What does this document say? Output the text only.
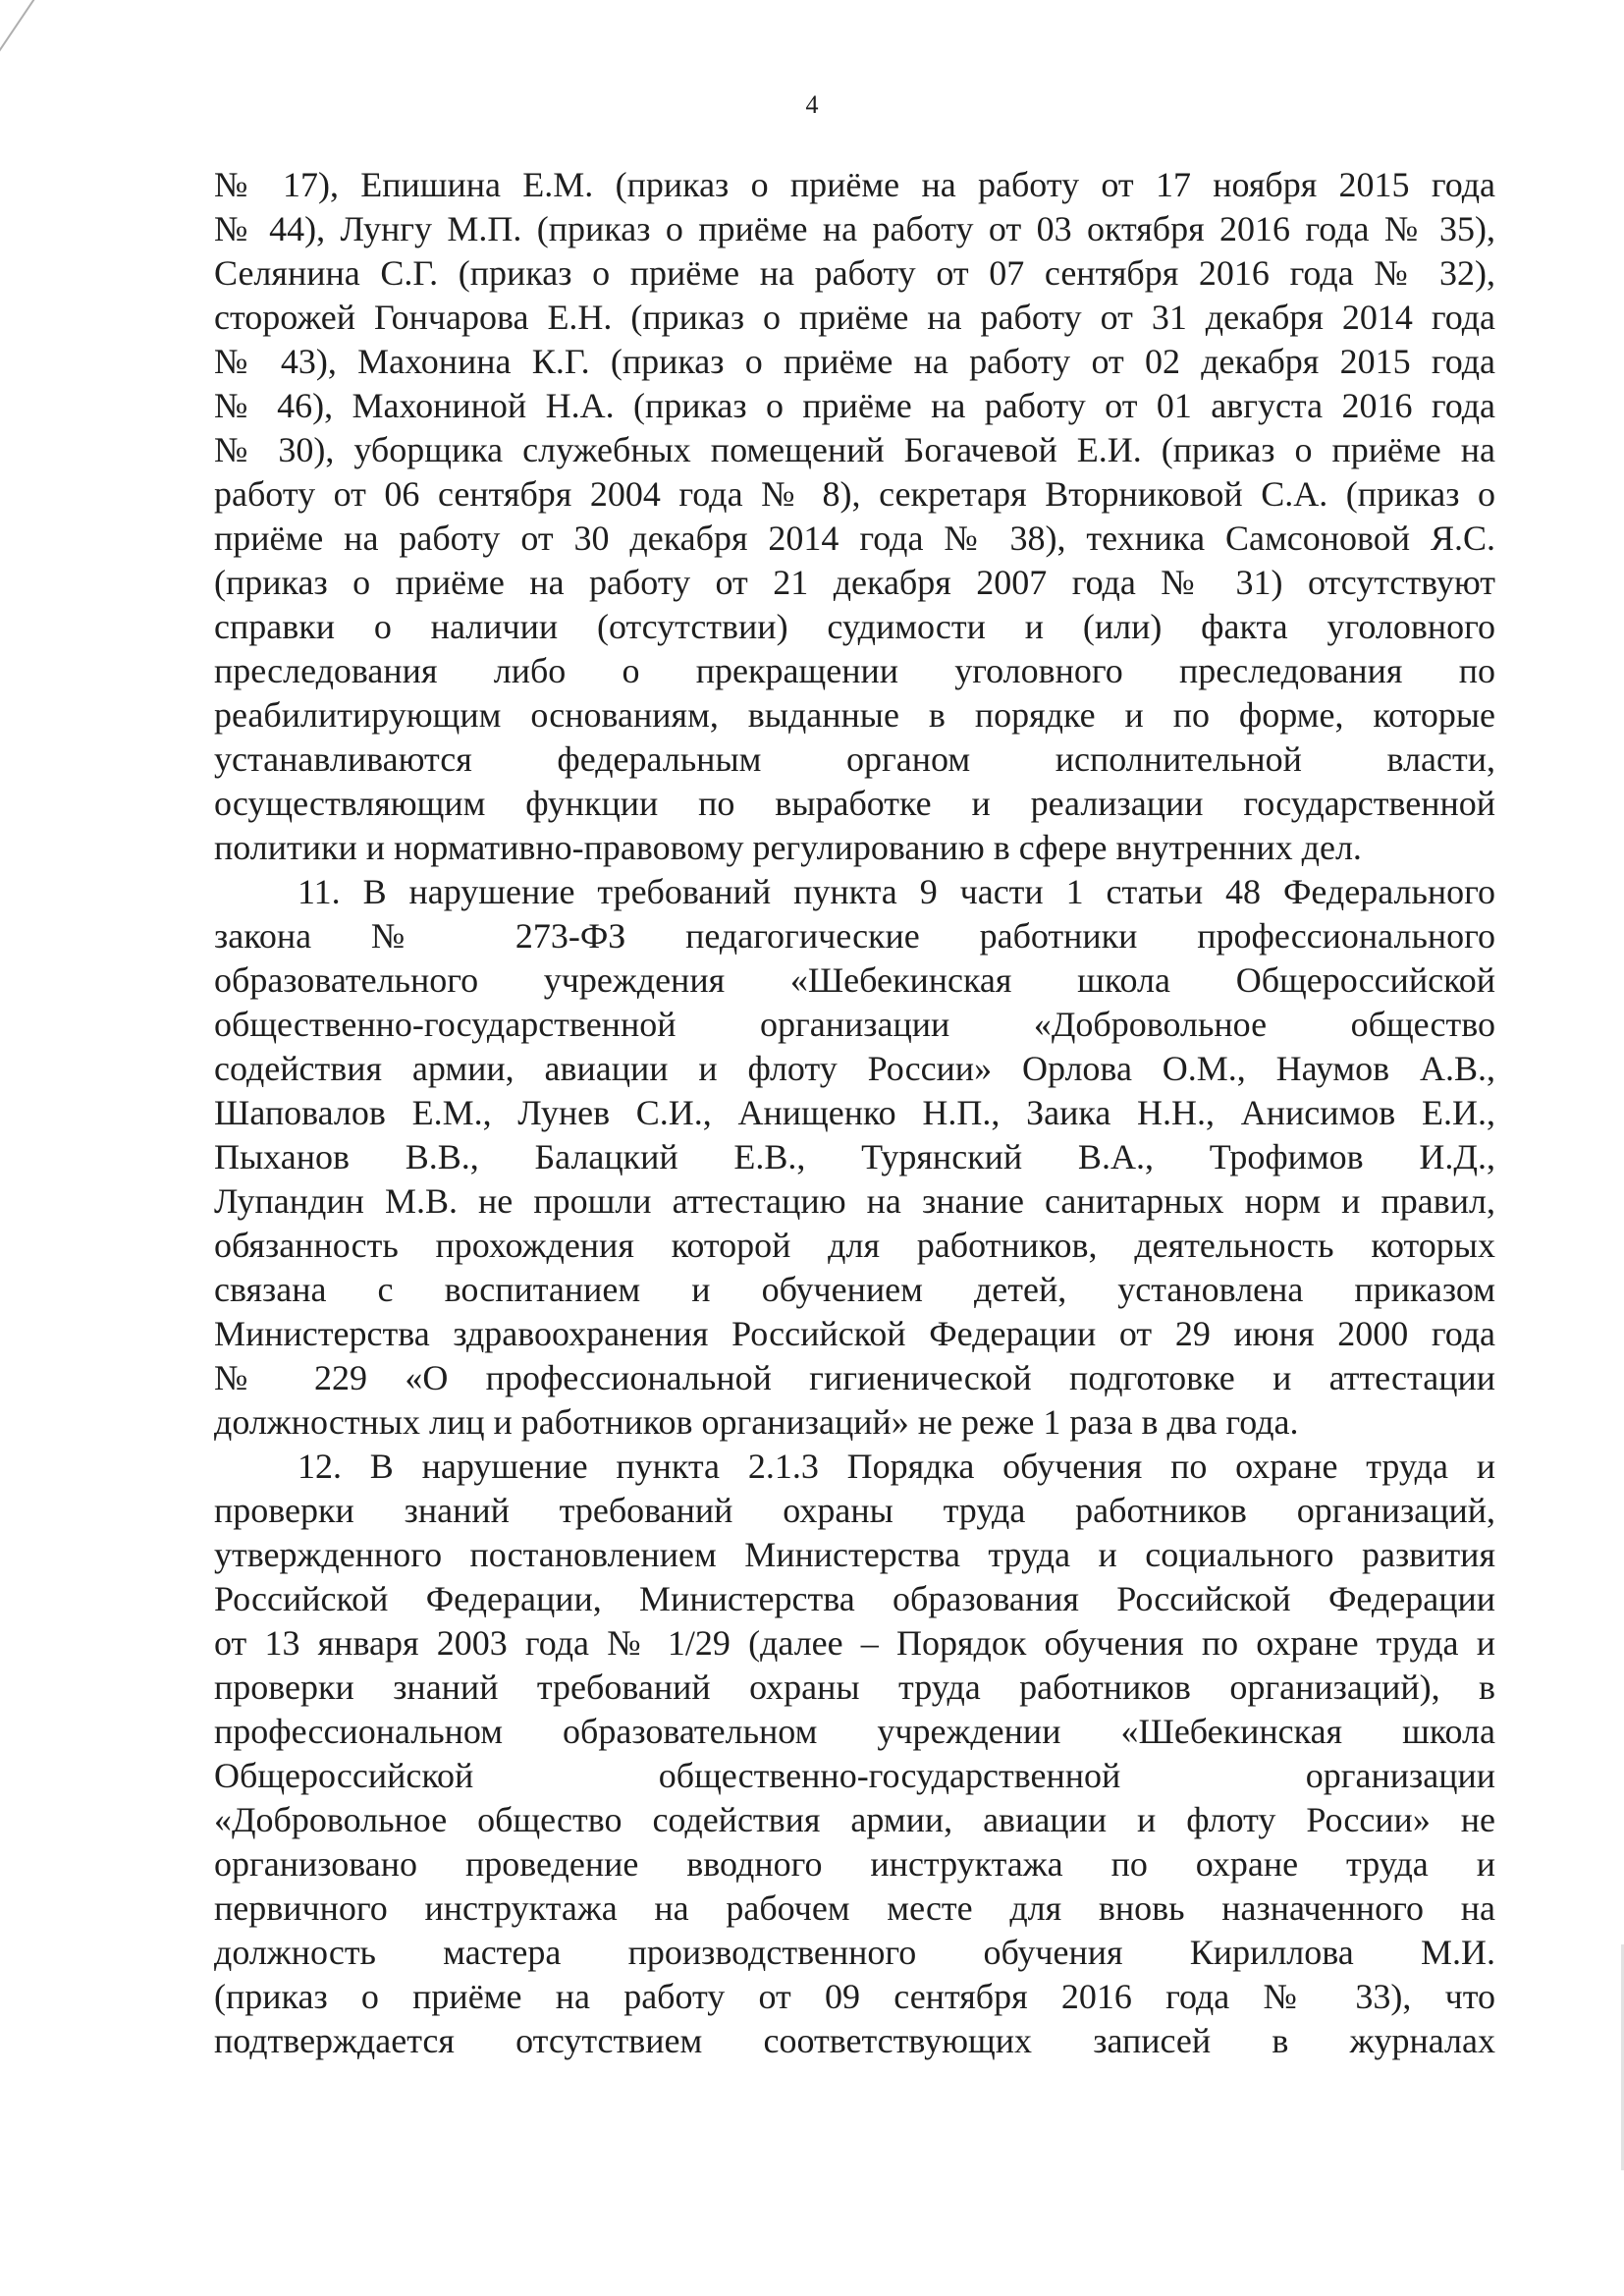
4

№ 17), Епишина Е.М. (приказ о приёме на работу от 17 ноября 2015 года

№ 44), Лунгу М.П. (приказ о приёме на работу от 03 октября 2016 года № 35),

Селянина С.Г. (приказ о приёме на работу от 07 сентября 2016 года № 32),

сторожей Гончарова Е.Н. (приказ о приёме на работу от 31 декабря 2014 года

№ 43), Махонина К.Г. (приказ о приёме на работу от 02 декабря 2015 года

№ 46), Махониной Н.А. (приказ о приёме на работу от 01 августа 2016 года

№ 30), уборщика служебных помещений Богачевой Е.И. (приказ о приёме на

работу от 06 сентября 2004 года № 8), секретаря Вторниковой С.А. (приказ о

приёме на работу от 30 декабря 2014 года № 38), техника Самсоновой Я.С.

(приказ о приёме на работу от 21 декабря 2007 года № 31) отсутствуют

справки о наличии (отсутствии) судимости и (или) факта уголовного

преследования либо о прекращении уголовного преследования по

реабилитирующим основаниям, выданные в порядке и по форме, которые

устанавливаются федеральным органом исполнительной власти,

осуществляющим функции по выработке и реализации государственной

политики и нормативно-правовому регулированию в сфере внутренних дел.

11. В нарушение требований пункта 9 части 1 статьи 48 Федерального

закона № 273-ФЗ педагогические работники профессионального

образовательного учреждения «Шебекинская школа Общероссийской

общественно-государственной организации «Добровольное общество

содействия армии, авиации и флоту России» Орлова О.М., Наумов А.В.,

Шаповалов Е.М., Лунев С.И., Анищенко Н.П., Заика Н.Н., Анисимов Е.И.,

Пыханов В.В., Балацкий Е.В., Турянский В.А., Трофимов И.Д.,

Лупандин М.В. не прошли аттестацию на знание санитарных норм и правил,

обязанность прохождения которой для работников, деятельность которых

связана с воспитанием и обучением детей, установлена приказом

Министерства здравоохранения Российской Федерации от 29 июня 2000 года

№ 229 «О профессиональной гигиенической подготовке и аттестации

должностных лиц и работников организаций» не реже 1 раза в два года.

12. В нарушение пункта 2.1.3 Порядка обучения по охране труда и

проверки знаний требований охраны труда работников организаций,

утвержденного постановлением Министерства труда и социального развития

Российской Федерации, Министерства образования Российской Федерации

от 13 января 2003 года № 1/29 (далее – Порядок обучения по охране труда и

проверки знаний требований охраны труда работников организаций), в

профессиональном образовательном учреждении «Шебекинская школа

Общероссийской общественно-государственной организации

«Добровольное общество содействия армии, авиации и флоту России» не

организовано проведение вводного инструктажа по охране труда и

первичного инструктажа на рабочем месте для вновь назначенного на

должность мастера производственного обучения Кириллова М.И.

(приказ о приёме на работу от 09 сентября 2016 года № 33), что

подтверждается отсутствием соответствующих записей в журналах
